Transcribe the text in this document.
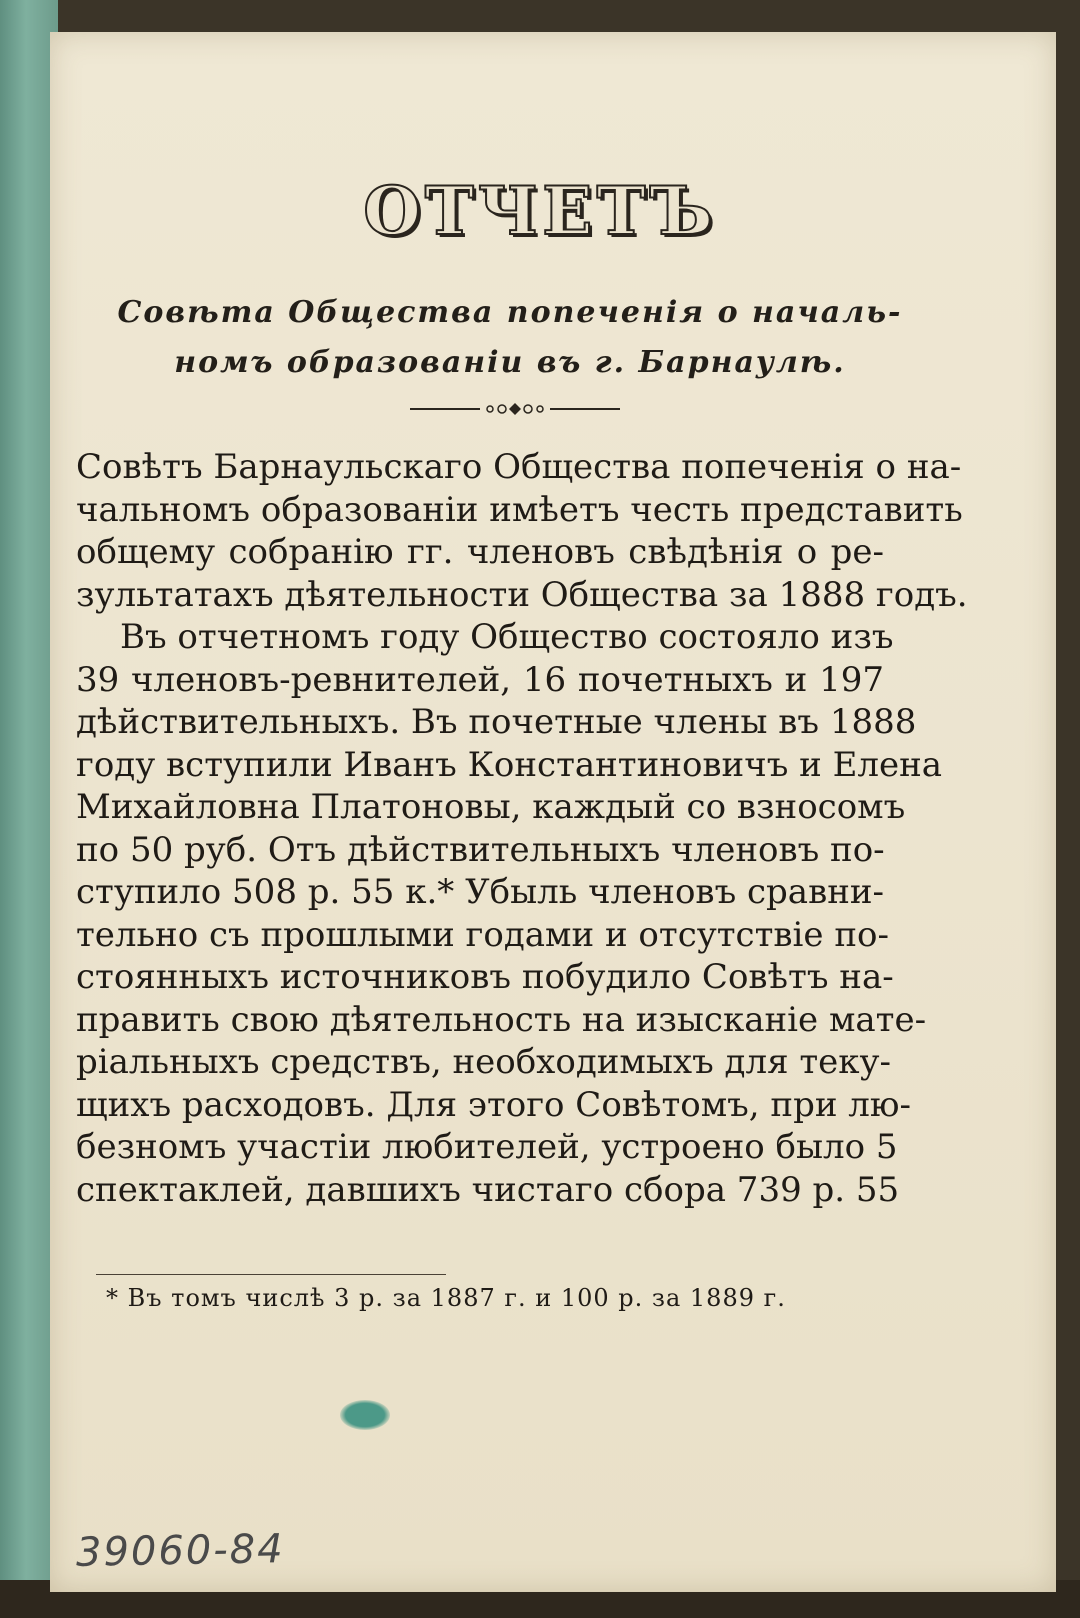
ОТЧЕТЪ
Совѣта Общества попеченія о началь-
номъ образованіи въ г. Барнаулѣ.
Совѣтъ Барнаульскаго Общества попеченія о на-
чальномъ образованіи имѣетъ честь представить
общему собранію гг. членовъ свѣдѣнія о ре-
зультатахъ дѣятельности Общества за 1888 годъ.
Въ отчетномъ году Общество состояло изъ
39 членовъ-ревнителей, 16 почетныхъ и 197
дѣйствительныхъ. Въ почетные члены въ 1888
году вступили Иванъ Константиновичъ и Елена
Михайловна Платоновы, каждый со взносомъ
по 50 руб. Отъ дѣйствительныхъ членовъ по-
ступило 508 р. 55 к.* Убыль членовъ сравни-
тельно съ прошлыми годами и отсутствіе по-
стоянныхъ источниковъ побудило Совѣтъ на-
править свою дѣятельность на изысканіе мате-
ріальныхъ средствъ, необходимыхъ для теку-
щихъ расходовъ. Для этого Совѣтомъ, при лю-
безномъ участіи любителей, устроено было 5
спектаклей, давшихъ чистаго сбора 739 р. 55
* Въ томъ числѣ 3 р. за 1887 г. и 100 р. за 1889 г.
39060-84
